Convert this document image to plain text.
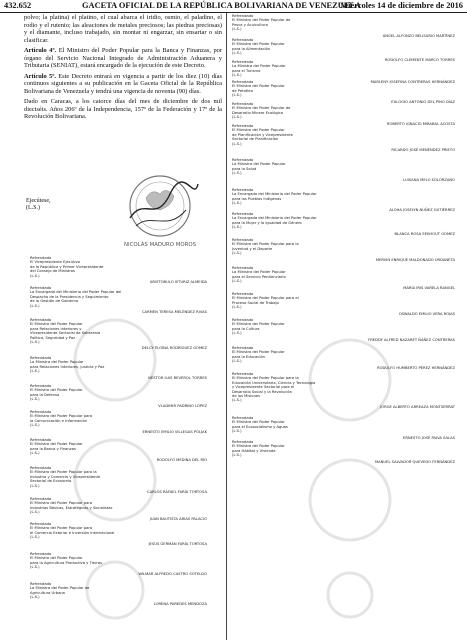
432.652	GACETA OFICIAL DE LA REPÚBLICA BOLIVARIANA DE VENEZUELA
Miércoles 14 de diciembre de 2016

polvo; la platina) el platino, el cual abarca el iridio, osmio, el paladino, el rodio y el rutenio; las aleaciones de metales preciosos; las piedras preciosas) y el diamante, incluso trabajado, sin montar ni engarzar, sin ensartar o sin clasificar.

Artículo 4º. El Ministro del Poder Popular para la Banca y Finanzas, por órgano del Servicio Nacional Integrado de Administración Aduanera y Tributaria (SENIAT), estará encargado de la ejecución de este Decreto.

Artículo 5º. Este Decreto entrará en vigencia a partir de los diez (10) días continuos siguientes a su publicación en la Gaceta Oficial de la República Bolivariana de Venezuela y tendrá una vigencia de noventa (90) días.

Dado en Caracas, a los catorce días del mes de diciembre de dos mil dieciséis. Años 206º de la Independencia, 157º de la Federación y 17º de la Revolución Bolivariana.

Ejecútese,
(L.S.)
NICOLÁS MADURO MOROS
Refrendado
El Vicepresidente Ejecutivo
de la República y Primer Vicepresidente
del Consejo de Ministros
(L.S.)
ARISTÓBULO ISTÚRIZ ALMEIDA
Refrendado
La Encargada del Ministerio del Poder Popular del
Despacho de la Presidencia y Seguimiento
de la Gestión de Gobierno
(L.S.)
CARMEN TERESA MELÉNDEZ RIVAS
Refrendado
El Ministro del Poder Popular
para Relaciones Interiores y
Vicepresidente Sectorial de Soberanía
Política, Seguridad y Paz
(L.S.)
DELCY ELOÍNA RODRÍGUEZ GÓMEZ
Refrendado
La Ministra del Poder Popular
para Relaciones Interiores, Justicia y Paz
(L.S.)
NÉSTOR LUIS REVEROL TORRES
Refrendado
El Ministro del Poder Popular
para la Defensa
(L.S.)
VLADIMIR PADRINO LÓPEZ
Refrendado
El Ministro del Poder Popular para
la Comunicación e Información
(L.S.)
ERNESTO EMILIO VILLEGAS POLJAK
Refrendado
El Ministro del Poder Popular
para la Banca y Finanzas
(L.S.)
RODOLFO MEDINA DEL RÍO
Refrendado
El Ministro del Poder Popular para la
Industria y Comercio y Vicepresidente
Sectorial de Economía
(L.S.)
CARLOS RAFAEL FARÍA TORTOSA
Refrendado
El Ministro del Poder Popular para
Industrias Básicas, Estratégicas y Socialistas
(L.S.)
JUAN BAUTISTA ARIAS PALACIO
Refrendado
El Ministro del Poder Popular para
el Comercio Exterior e Inversión Internacional
(L.S.)
JESÚS GERMÁN FARÍA TORTOSA
Refrendado
El Ministro del Poder Popular
para la Agricultura Productiva y Tierras
(L.S.)
WILMAR ALFREDO CASTRO SOTELDO
Refrendado
La Ministra del Poder Popular de
Agricultura Urbana
(L.S.)
LORENA PAREDES MENDOZA
Refrendado
El Ministro del Poder Popular de
Pesca y Acuicultura
(L.S.)
ÁNGEL ALFONZO BELISARIO MARTÍNEZ
Refrendado
El Ministro del Poder Popular
para la Alimentación
(L.S.)
RODOLFO CLEMENTE MARCO TORRES
Refrendado
La Ministra del Poder Popular
para el Turismo
(L.S.)
MARLENY JOSEFINA CONTRERAS HERNÁNDEZ
Refrendado
El Ministro del Poder Popular
de Petróleo
(L.S.)
EULOGIO ANTONIO DEL PINO DÍAZ
Refrendado
El Ministro del Poder Popular de
Desarrollo Minero Ecológico
(L.S.)
ROBERTO IGNACIO MIRABAL ACOSTA
Refrendado
El Ministro del Poder Popular
de Planificación y Vicepresidente
Sectorial de Planificación
(L.S.)
RICARDO JOSÉ MENÉNDEZ PRIETO
Refrendado
La Ministra del Poder Popular
para la Salud
(L.S.)
LUISANA MELO SOLÓRZANO
Refrendado
La Encargada del Ministerio del Poder Popular
para los Pueblos Indígenas
(L.S.)
ALOHA JOSELYN NÚÑEZ GUTIÉRREZ
Refrendado
La Encargada del Ministerio del Poder Popular
para la Mujer y la Igualdad de Género
(L.S.)
BLANCA ROSA EEKHOUT GÓMEZ
Refrendado
El Ministro del Poder Popular para la
Juventud y el Deporte
(L.S.)
MERVIN ENRIQUE MALDONADO URDANETA
Refrendado
La Ministra del Poder Popular
para el Servicio Penitenciario
(L.S.)
MARÍA IRIS VARELA RANGEL
Refrendado
El Ministro del Poder Popular para el
Proceso Social de Trabajo
(L.S.)
OSWALDO EMILIO VERA ROJAS
Refrendado
El Ministro del Poder Popular
para la Cultura
(L.S.)
FREDDY ALFRED NAZARET ÑÁÑEZ CONTRERAS
Refrendado
El Ministro del Poder Popular
para la Educación
(L.S.)
RODULFO HUMBERTO PÉREZ HERNÁNDEZ
Refrendado
El Ministro del Poder Popular para la
Educación Universitaria, Ciencia y Tecnología
y Vicepresidente Sectorial para el
Desarrollo Social y la Revolución
de las Misiones
(L.S.)
JORGE ALBERTO ARREAZA MONTSERRAT
Refrendado
El Ministro del Poder Popular
para el Ecosocialismo y Aguas
(L.S.)
ERNESTO JOSÉ PAIVA SALAS
Refrendado
El Ministro del Poder Popular
para Hábitat y Vivienda
(L.S.)
MANUEL SALVADOR QUEVEDO FERNÁNDEZ
